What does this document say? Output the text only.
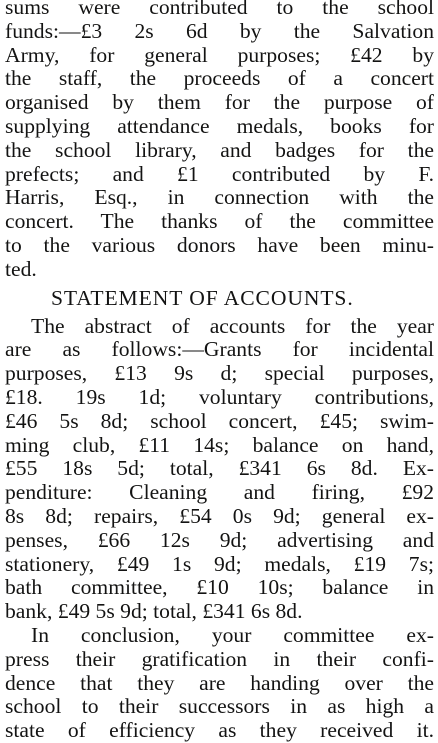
sums were contributed to the school
funds:—£3 2s 6d by the Salvation
Army, for general purposes; £42 by
the staff, the proceeds of a concert
organised by them for the purpose of
supplying attendance medals, books for
the school library, and badges for the
prefects; and £1 contributed by F.
Harris, Esq., in connection with the
concert. The thanks of the committee
to the various donors have been minu-
ted.
STATEMENT OF ACCOUNTS.
The abstract of accounts for the year
are as follows:—Grants for incidental
purposes, £13 9s d; special purposes,
£18. 19s 1d; voluntary contributions,
£46 5s 8d; school concert, £45; swim-
ming club, £11 14s; balance on hand,
£55 18s 5d; total, £341 6s 8d. Ex-
penditure: Cleaning and firing, £92
8s 8d; repairs, £54 0s 9d; general ex-
penses, £66 12s 9d; advertising and
stationery, £49 1s 9d; medals, £19 7s;
bath committee, £10 10s; balance in
bank, £49 5s 9d; total, £341 6s 8d.
In conclusion, your committee ex-
press their gratification in their confi-
dence that they are handing over the
school to their successors in as high a
state of efficiency as they received it.
